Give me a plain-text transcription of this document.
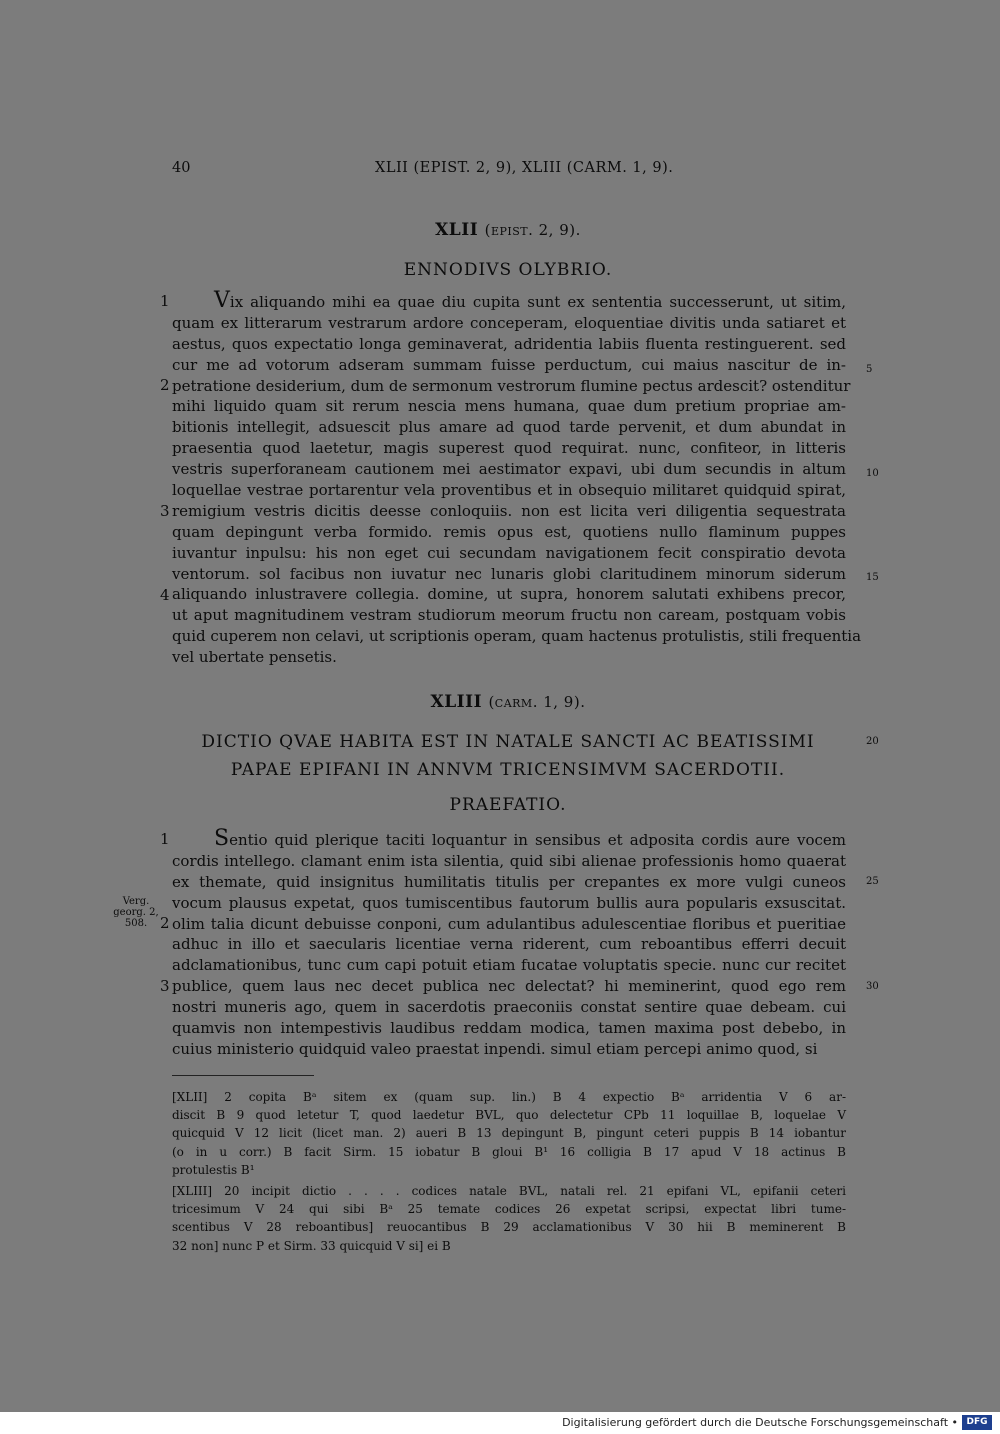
40	XLII (EPIST. 2, 9), XLIII (CARM. 1, 9).
XLII (epist. 2, 9).
ENNODIVS OLYBRIO.
Vix aliquando mihi ea quae diu cupita sunt ex sententia successerunt, ut sitim,
quam ex litterarum vestrarum ardore conceperam, eloquentiae divitis unda satiaret et
aestus, quos expectatio longa geminaverat, adridentia labiis fluenta restinguerent. sed
cur me ad votorum adseram summam fuisse perductum, cui maius nascitur de in-
petratione desiderium, dum de sermonum vestrorum flumine pectus ardescit? ostenditur
mihi liquido quam sit rerum nescia mens humana, quae dum pretium propriae am-
bitionis intellegit, adsuescit plus amare ad quod tarde pervenit, et dum abundat in
praesentia quod laetetur, magis superest quod requirat. nunc, confiteor, in litteris
vestris superforaneam cautionem mei aestimator expavi, ubi dum secundis in altum
loquellae vestrae portarentur vela proventibus et in obsequio militaret quidquid spirat,
remigium vestris dicitis deesse conloquiis. non est licita veri diligentia sequestrata
quam depingunt verba formido. remis opus est, quotiens nullo flaminum puppes
iuvantur inpulsu: his non eget cui secundam navigationem fecit conspiratio devota
ventorum. sol facibus non iuvatur nec lunaris globi claritudinem minorum siderum
aliquando inlustravere collegia. domine, ut supra, honorem salutati exhibens precor,
ut aput magnitudinem vestram studiorum meorum fructu non caream, postquam vobis
quid cuperem non celavi, ut scriptionis operam, quam hactenus protulistis, stili frequentia
vel ubertate pensetis.
1
2
3
4
5
10
15
XLIII (carm. 1, 9).
DICTIO QVAE HABITA EST IN NATALE SANCTI AC BEATISSIMI
PAPAE EPIFANI IN ANNVM TRICENSIMVM SACERDOTII.
PRAEFATIO.
Sentio quid plerique taciti loquantur in sensibus et adposita cordis aure vocem
cordis intellego. clamant enim ista silentia, quid sibi alienae professionis homo quaerat
ex themate, quid insignitus humilitatis titulis per crepantes ex more vulgi cuneos
vocum plausus expetat, quos tumiscentibus fautorum bullis aura popularis exsuscitat.
olim talia dicunt debuisse conponi, cum adulantibus adulescentiae floribus et pueritiae
adhuc in illo et saecularis licentiae verna riderent, cum reboantibus efferri decuit
adclamationibus, tunc cum capi potuit etiam fucatae voluptatis specie. nunc cur recitet
publice, quem laus nec decet publica nec delectat? hi meminerint, quod ego rem
nostri muneris ago, quem in sacerdotis praeconiis constat sentire quae debeam. cui
quamvis non intempestivis laudibus reddam modica, tamen maxima post debebo, in
cuius ministerio quidquid valeo praestat inpendi. simul etiam percepi animo quod, si
1
2
3
20
25
30
Verg. georg. 2, 508.
[XLII] 2 copita Bᵃ sitem ex (quam sup. lin.) B 4 expectio Bᵃ arridentia V 6 ar-
discit B 9 quod letetur T, quod laedetur BVL, quo delectetur CPb 11 loquillae B, loquelae V
quicquid V 12 licit (licet man. 2) aueri B 13 depingunt B, pingunt ceteri puppis B 14 iobantur
(o in u corr.) B facit Sirm. 15 iobatur B gloui B¹ 16 colligia B 17 apud V 18 actinus B
protulestis B¹
[XLIII] 20 incipit dictio . . . . codices natale BVL, natali rel. 21 epifani VL, epifanii ceteri
tricesimum V 24 qui sibi Bᵃ 25 temate codices 26 expetat scripsi, expectat libri tume-
scentibus V 28 reboantibus] reuocantibus B 29 acclamationibus V 30 hii B meminerent B
32 non] nunc P et Sirm. 33 quicquid V si] ei B
Digitalisierung gefördert durch die Deutsche Forschungsgemeinschaft • DFG
